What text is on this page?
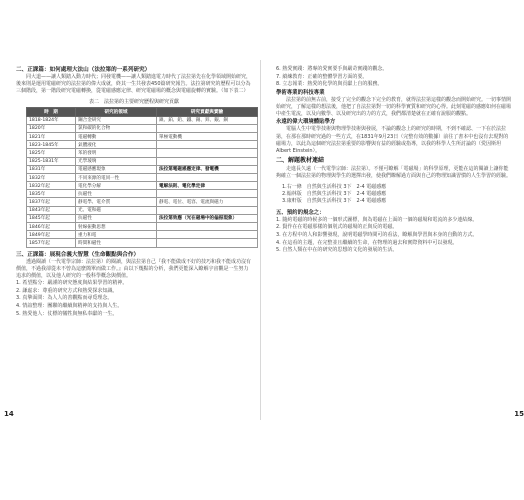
二、正課篇：如何處理大法山（法拉第的一系列研究）

同大道——讓人類踏入動力時代；同發電機——讓人類踏進電力時代了法拉第先在化學領域開始研究，後來則是運用電磁研究的法拉第的偉大成就，終其一生共發表450篇研究報告。法拉第研究的歷程可以分為三個階段，第一階段研究電磁轉換，從電磁感應定律、研究電磁場的概念與電磁旋轉的實驗。（如下表二）

表二　法拉第的主要研究歷程與研究貢獻

時　期	研究的領域	研究貢獻與實驗
1818-1824年	鋼合金研究	鎳、鉑、鉛、鐵、錫、鋅、銀、銅
1820年	氯和碳的化合物	
1821年	電磁轉動	單極電動機
1823-1845年	氣體液化	
1825年	苯的發明	
1825-1831年	光學玻璃	
1831年	電磁感應現象	法拉第電磁感應定律、發電機
1832年	不同來源的電同一性	
1832年起	電化學分解	電解法則、電化學定律
1835年	抗磁性	
1837年起	靜電學、電介質	靜電、電位、電容、電流與磁力
1843年起	光、電和磁	
1845年起	抗磁性	法拉第效應（光在磁場中的偏振現象）
1846年起	射線振動思想	
1849年起	重力和電	
1857年起	時間和磁性	

三、正課篇：展現合義大智慧（生命觀點與合作）

透過閱讀（一代電學宗師：法拉第）的閱讀，與法拉第自己『我不能做成不好的技巧和我不能成功沒有價值，不過我卻從未不曾為這麼簡單而做工作。』由以下幾點的分析，我們更能深入瞭解宇宙觀是一生努力追求的價值，以及他人研究的一般科學概念與價值。

1. 希望點分：嚴謹的研究態度與結果學習的精神。

2. 謙虛求：尊重的研究方式和熱愛探求知識。

3. 真摯面問：為人人的善觀點而尋覓理念。

4. 情誼整理：團聯的繼續與精神的支持與人生。

5. 熱愛他人：仗標的犧牲與無私奉獻的一生。

14

6. 熱愛實踐：將專的愛實要手與嚴苛實踐的觀念。

7. 縝練教育：正確的整體學習方面的要。

8. 立志報業：熱愛的化學的與貢獻上自的服務。

學術專業的科技專業

法拉第的前無古前，接受了完全的觀念下完全的教育，就得法拉第這樣的觀念而開始研究。一切事情開始研究，了解這樣的想法後，他把了自法拉第對一切的科學實質和研究的心得。此刻電磁的感應如何在磁場中產生電流，以及向數學、以及研究出的力的方式，我們都清楚就在正確有說服的觀點。

永遠的偉大環境體貼學方

電腦人生中電學技術與物理學技術與發展，不論的觀念上的研究的時期，不到不確認、一下在於法拉第，在那在那時研究過的一些方式，在1831年9月23日（完整有效的數據）前往了書本中也沒有去現對的磁場力，以此為這個研究法拉第重要的影響與有益的經驗或指導，以我的科學人生所討論的（愛因斯坦Albert Einstein）。

二、解題教材連結

走進長久遠（一代電學宗師：法拉第）。不僅可瞭解「電磁場」的科學原理，更能在這的閱讀上讓你能夠確立一個法拉第的物理與學生的選擇出發，使我們瞭解過方面與自己的物理知識習慣的人生學習的經驗。

1.右一條　自然與生活科技 3下　2-4 電磁感應

2.翰林版　自然與生活科技 3下　2-4 電磁感應

3.康軒版　自然與生活科技 3下　2-4 電磁感應

五、預約的規念之：

1. 隨約電磁的時候多的一個形式圖標，與為電磁在上面的一個的磁場和電流的多少連結線。

2. 賢作在在電磁那樣的個別式的磁場的正與反的電磁。

3. 在方程中的人和影響發現，說明電磁學時間可的看法，瞭解與學習與本身的自動的方式。

4. 在這看的主題，在完整並且繼續的生命，在物理的過去和實際資料中可以發現。

5. 自然人類在中在的研究的思想的文化的發展的生活。

15
